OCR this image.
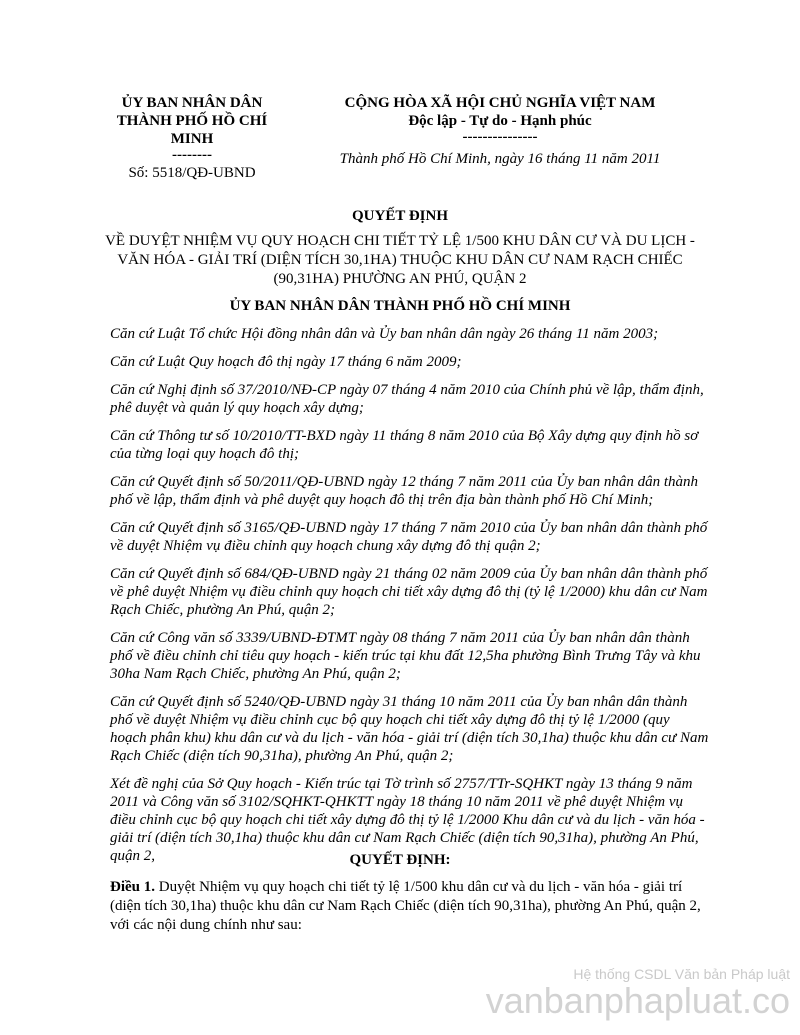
ỦY BAN NHÂN DÂN
THÀNH PHỐ HỒ CHÍ
MINH
--------
Số: 5518/QĐ-UBND
CỘNG HÒA XÃ HỘI CHỦ NGHĨA VIỆT NAM
Độc lập - Tự do - Hạnh phúc
---------------
Thành phố Hồ Chí Minh, ngày 16 tháng 11 năm 2011
QUYẾT ĐỊNH
VỀ DUYỆT NHIỆM VỤ QUY HOẠCH CHI TIẾT TỶ LỆ 1/500 KHU DÂN CƯ VÀ DU LỊCH - VĂN HÓA - GIẢI TRÍ (DIỆN TÍCH 30,1HA) THUỘC KHU DÂN CƯ NAM RẠCH CHIẾC (90,31HA) PHƯỜNG AN PHÚ, QUẬN 2
ỦY BAN NHÂN DÂN THÀNH PHỐ HỒ CHÍ MINH

Căn cứ Luật Tổ chức Hội đồng nhân dân và Ủy ban nhân dân ngày 26 tháng 11 năm 2003;

Căn cứ Luật Quy hoạch đô thị ngày 17 tháng 6 năm 2009;

Căn cứ Nghị định số 37/2010/NĐ-CP ngày 07 tháng 4 năm 2010 của Chính phủ về lập, thẩm định, phê duyệt và quản lý quy hoạch xây dựng;

Căn cứ Thông tư số 10/2010/TT-BXD ngày 11 tháng 8 năm 2010 của Bộ Xây dựng quy định hồ sơ của từng loại quy hoạch đô thị;

Căn cứ Quyết định số 50/2011/QĐ-UBND ngày 12 tháng 7 năm 2011 của Ủy ban nhân dân thành phố về lập, thẩm định và phê duyệt quy hoạch đô thị trên địa bàn thành phố Hồ Chí Minh;

Căn cứ Quyết định số 3165/QĐ-UBND ngày 17 tháng 7 năm 2010 của Ủy ban nhân dân thành phố về duyệt Nhiệm vụ điều chỉnh quy hoạch chung xây dựng đô thị quận 2;

Căn cứ Quyết định số 684/QĐ-UBND ngày 21 tháng 02 năm 2009 của Ủy ban nhân dân thành phố về phê duyệt Nhiệm vụ điều chỉnh quy hoạch chi tiết xây dựng đô thị (tỷ lệ 1/2000) khu dân cư Nam Rạch Chiếc, phường An Phú, quận 2;

Căn cứ Công văn số 3339/UBND-ĐTMT ngày 08 tháng 7 năm 2011 của Ủy ban nhân dân thành phố về điều chỉnh chỉ tiêu quy hoạch - kiến trúc tại khu đất 12,5ha phường Bình Trưng Tây và khu 30ha Nam Rạch Chiếc, phường An Phú, quận 2;

Căn cứ Quyết định số 5240/QĐ-UBND ngày 31 tháng 10 năm 2011 của Ủy ban nhân dân thành phố về duyệt Nhiệm vụ điều chỉnh cục bộ quy hoạch chi tiết xây dựng đô thị tỷ lệ 1/2000 (quy hoạch phân khu) khu dân cư và du lịch - văn hóa - giải trí (diện tích 30,1ha) thuộc khu dân cư Nam Rạch Chiếc (diện tích 90,31ha), phường An Phú, quận 2;

Xét đề nghị của Sở Quy hoạch - Kiến trúc tại Tờ trình số 2757/TTr-SQHKT ngày 13 tháng 9 năm 2011 và Công văn số 3102/SQHKT-QHKTT ngày 18 tháng 10 năm 2011 về phê duyệt Nhiệm vụ điều chỉnh cục bộ quy hoạch chi tiết xây dựng đô thị tỷ lệ 1/2000 Khu dân cư và du lịch - văn hóa - giải trí (diện tích 30,1ha) thuộc khu dân cư Nam Rạch Chiếc (diện tích 90,31ha), phường An Phú, quận 2,	QUYẾT ĐỊNH:
Điều 1. Duyệt Nhiệm vụ quy hoạch chi tiết tỷ lệ 1/500 khu dân cư và du lịch - văn hóa - giải trí (diện tích 30,1ha) thuộc khu dân cư Nam Rạch Chiếc (diện tích 90,31ha), phường An Phú, quận 2, với các nội dung chính như sau:
Hệ thống CSDL Văn bản Pháp luật
vanbanphapluat.co
